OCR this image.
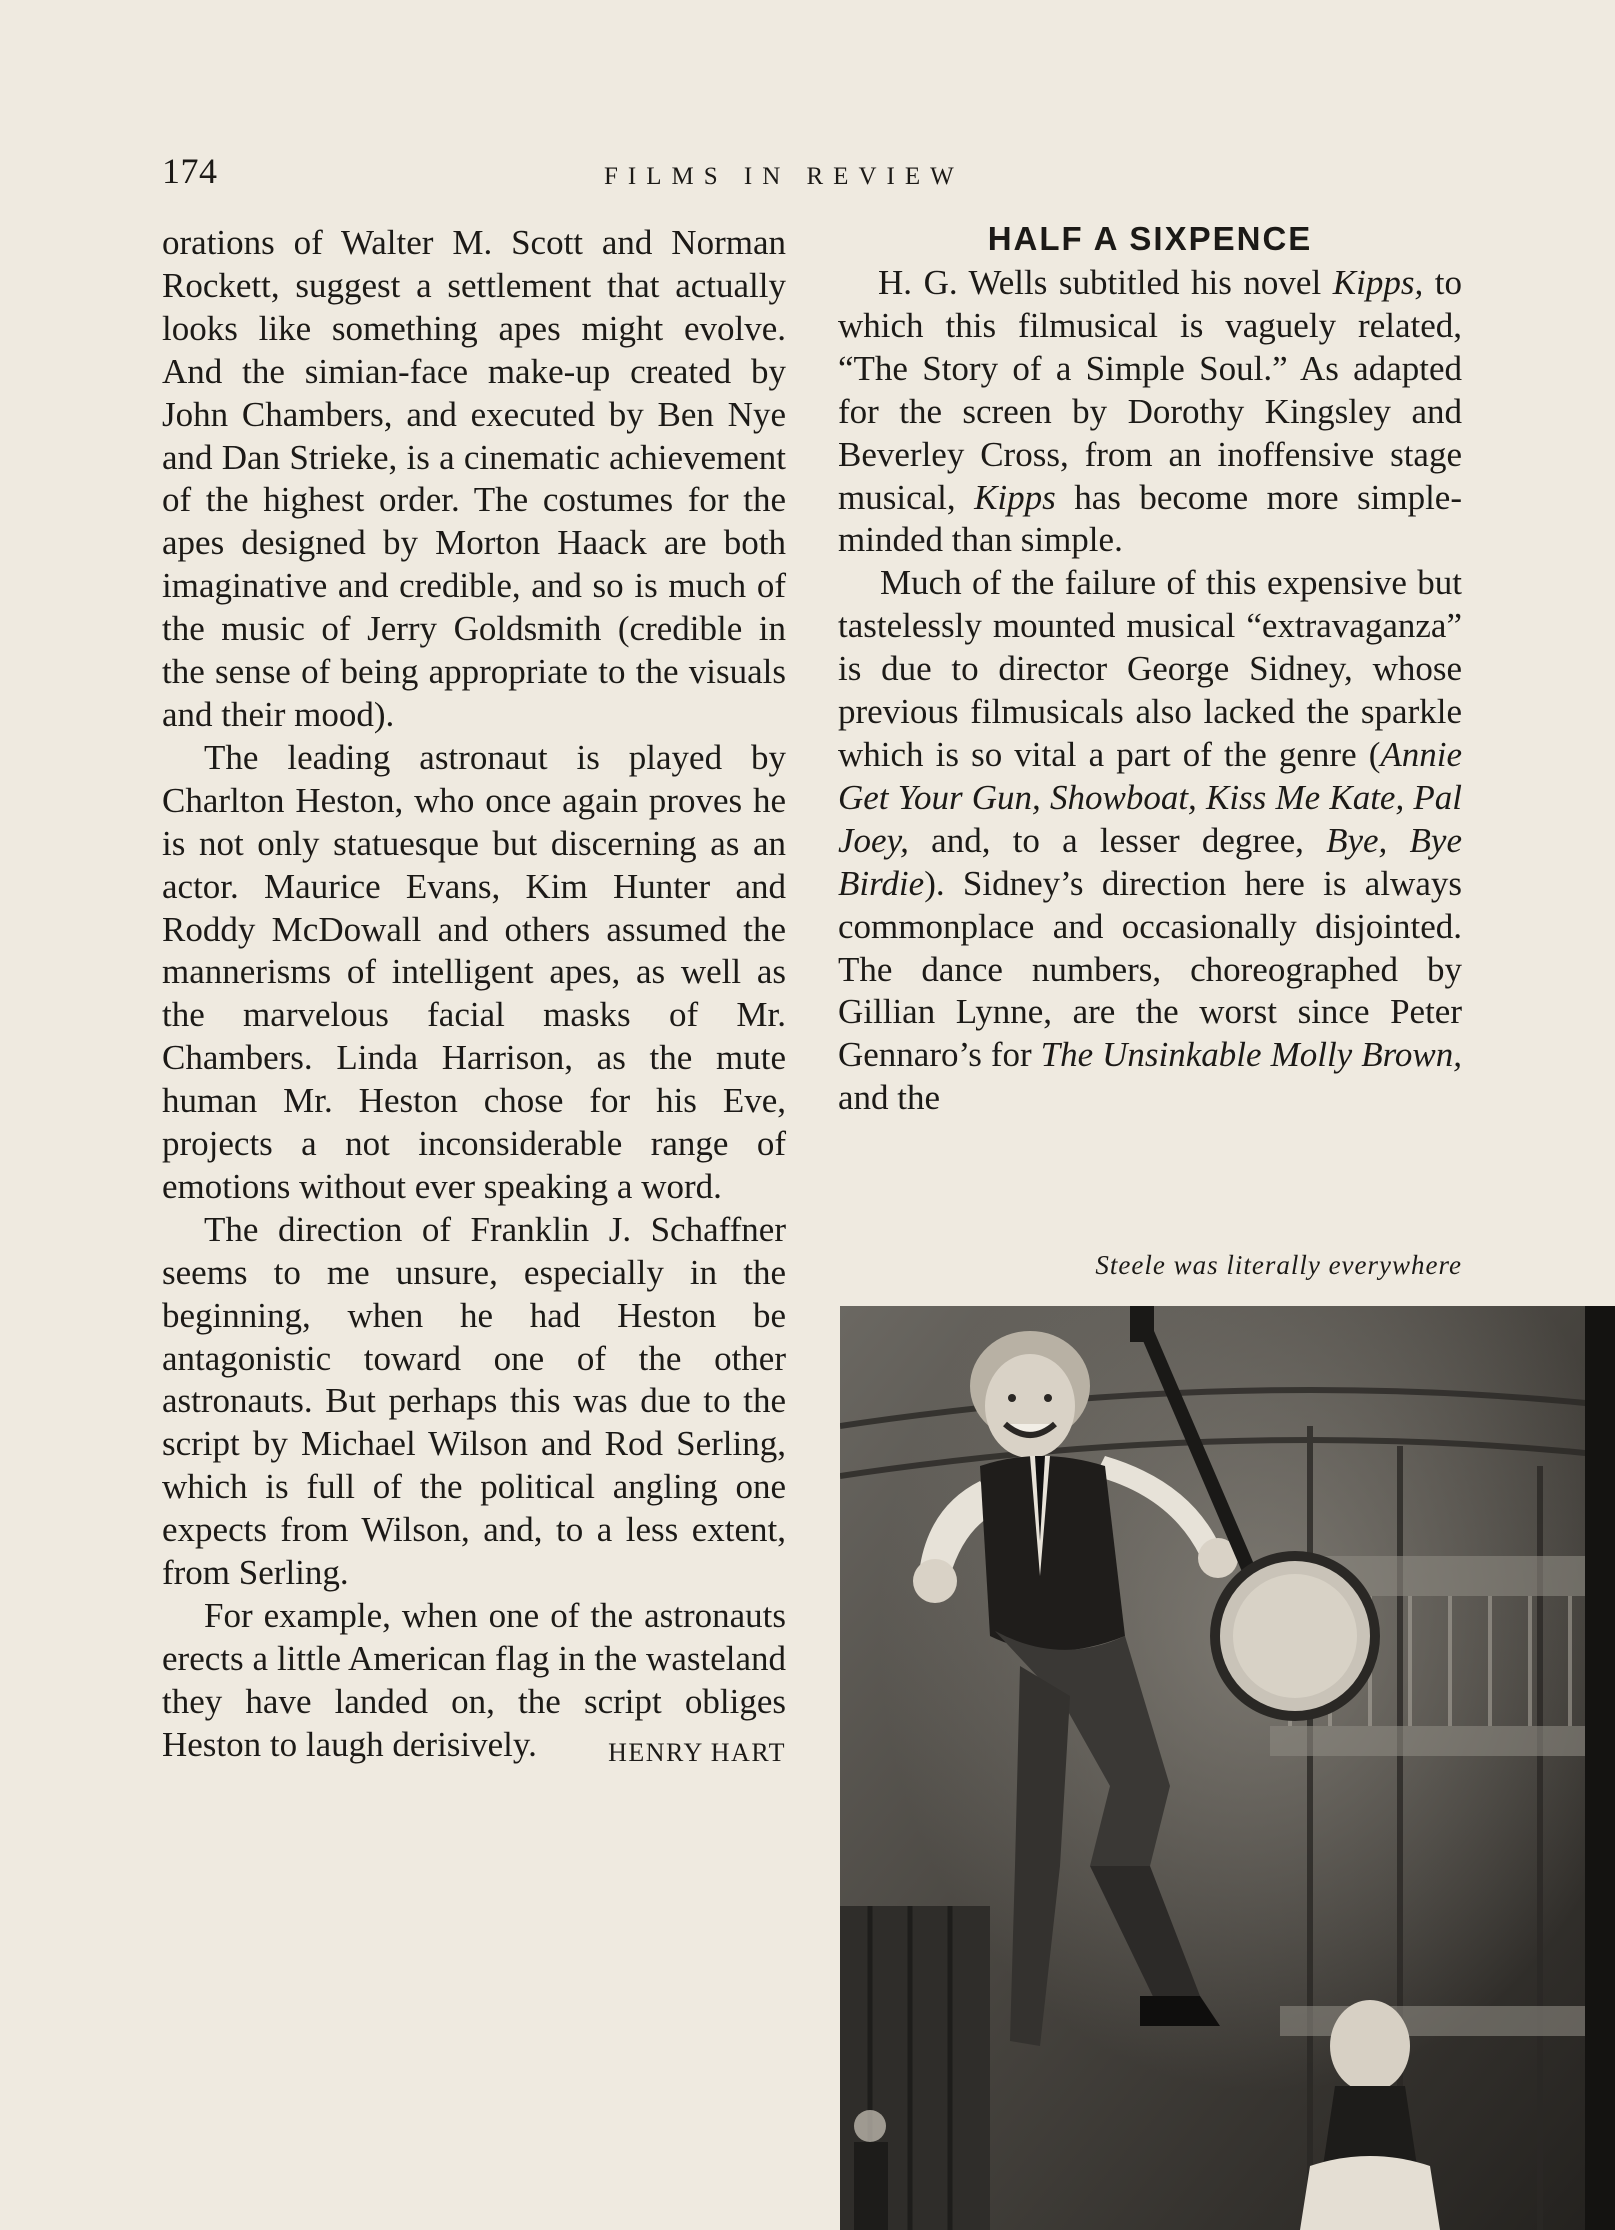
174	FILMS IN REVIEW

orations of Walter M. Scott and Norman Rockett, suggest a settlement that actually looks like something apes might evolve. And the simian-face make-up created by John Chambers, and executed by Ben Nye and Dan Strieke, is a cinematic achievement of the highest order. The costumes for the apes designed by Morton Haack are both imaginative and credible, and so is much of the music of Jerry Goldsmith (credible in the sense of being appropriate to the visuals and their mood).

The leading astronaut is played by Charlton Heston, who once again proves he is not only statuesque but discerning as an actor. Maurice Evans, Kim Hunter and Roddy McDowall and others assumed the mannerisms of intelligent apes, as well as the marvelous facial masks of Mr. Chambers. Linda Harrison, as the mute human Mr. Heston chose for his Eve, projects a not inconsiderable range of emotions without ever speaking a word.

The direction of Franklin J. Schaffner seems to me unsure, especially in the beginning, when he had Heston be antagonistic toward one of the other astronauts. But perhaps this was due to the script by Michael Wilson and Rod Serling, which is full of the political angling one expects from Wilson, and, to a less extent, from Serling.

For example, when one of the astronauts erects a little American flag in the wasteland they have landed on, the script obliges Heston to laugh derisively.	HENRY HART

HALF A SIXPENCE

H. G. Wells subtitled his novel Kipps, to which this filmusical is vaguely related, “The Story of a Simple Soul.” As adapted for the screen by Dorothy Kingsley and Beverley Cross, from an inoffensive stage musical, Kipps has become more simple-minded than simple.

Much of the failure of this expensive but tastelessly mounted musical “extravaganza” is due to director George Sidney, whose previous filmusicals also lacked the sparkle which is so vital a part of the genre (Annie Get Your Gun, Showboat, Kiss Me Kate, Pal Joey, and, to a lesser degree, Bye, Bye Birdie). Sidney’s direction here is always commonplace and occasionally disjointed. The dance numbers, choreographed by Gillian Lynne, are the worst since Peter Gennaro’s for The Unsinkable Molly Brown, and the

Steele was literally everywhere
